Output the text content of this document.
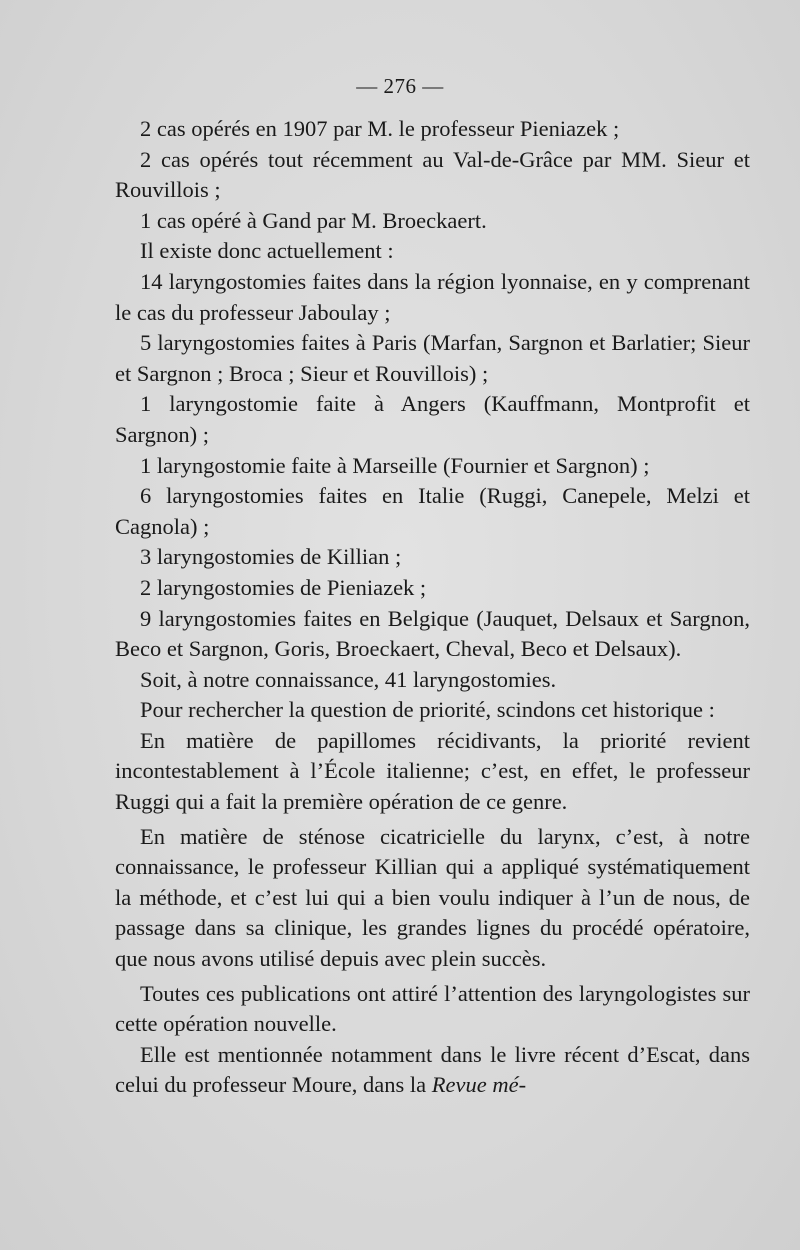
— 276 —

2 cas opérés en 1907 par M. le professeur Pieniazek ;

2 cas opérés tout récemment au Val-de-Grâce par MM. Sieur et Rouvillois ;

1 cas opéré à Gand par M. Broeckaert.

Il existe donc actuellement :

14 laryngostomies faites dans la région lyonnaise, en y comprenant le cas du professeur Jaboulay ;

5 laryngostomies faites à Paris (Marfan, Sargnon et Barlatier; Sieur et Sargnon ; Broca ; Sieur et Rouvillois) ;

1 laryngostomie faite à Angers (Kauffmann, Montprofit et Sargnon) ;

1 laryngostomie faite à Marseille (Fournier et Sargnon) ;

6 laryngostomies faites en Italie (Ruggi, Canepele, Melzi et Cagnola) ;

3 laryngostomies de Killian ;

2 laryngostomies de Pieniazek ;

9 laryngostomies faites en Belgique (Jauquet, Delsaux et Sargnon, Beco et Sargnon, Goris, Broeckaert, Cheval, Beco et Delsaux).

Soit, à notre connaissance, 41 laryngostomies.

Pour rechercher la question de priorité, scindons cet historique :

En matière de papillomes récidivants, la priorité revient incontestablement à l’École italienne; c’est, en effet, le professeur Ruggi qui a fait la première opération de ce genre.

En matière de sténose cicatricielle du larynx, c’est, à notre connaissance, le professeur Killian qui a appliqué systématiquement la méthode, et c’est lui qui a bien voulu indiquer à l’un de nous, de passage dans sa clinique, les grandes lignes du procédé opératoire, que nous avons utilisé depuis avec plein succès.

Toutes ces publications ont attiré l’attention des laryngologistes sur cette opération nouvelle.

Elle est mentionnée notamment dans le livre récent d’Escat, dans celui du professeur Moure, dans la Revue mé-
